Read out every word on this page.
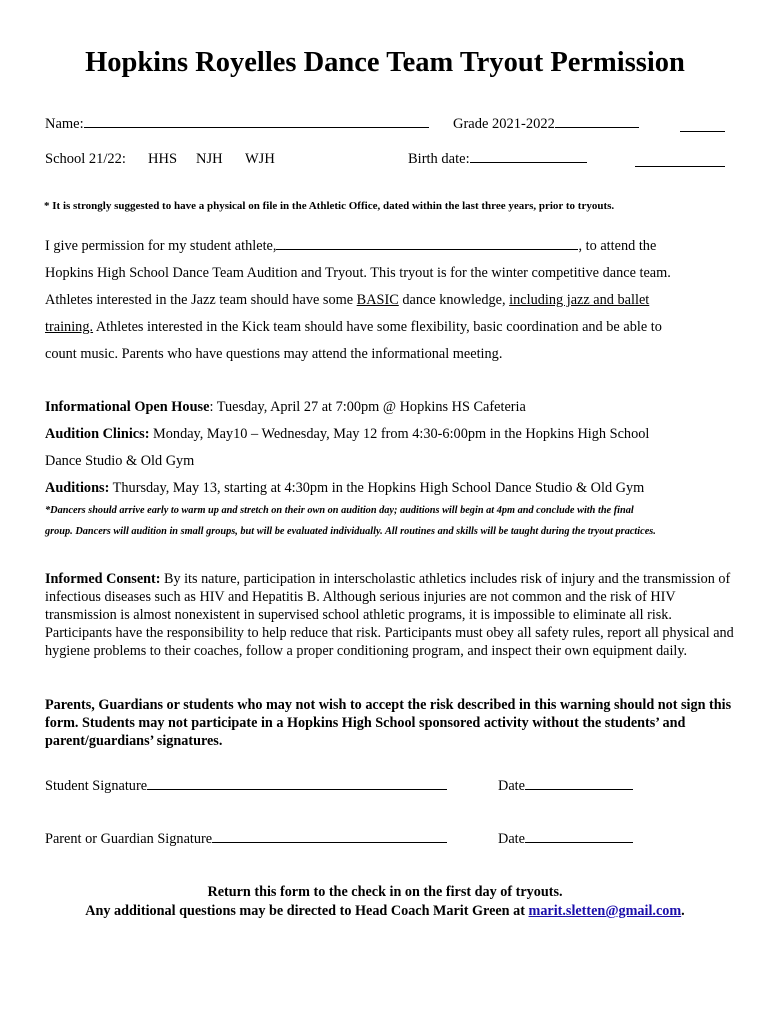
Hopkins Royelles Dance Team Tryout Permission
Name:	Grade 2021-2022
School 21/22: HHS NJH WJH	Birth date:
* It is strongly suggested to have a physical on file in the Athletic Office, dated within the last three years, prior to tryouts.
I give permission for my student athlete,	, to attend the
Hopkins High School Dance Team Audition and Tryout. This tryout is for the winter competitive dance team.
Athletes interested in the Jazz team should have some BASIC dance knowledge, including jazz and ballet
training. Athletes interested in the Kick team should have some flexibility, basic coordination and be able to
count music. Parents who have questions may attend the informational meeting.
Informational Open House: Tuesday, April 27 at 7:00pm @ Hopkins HS Cafeteria
Audition Clinics: Monday, May10 – Wednesday, May 12 from 4:30-6:00pm in the Hopkins High School
Dance Studio & Old Gym
Auditions: Thursday, May 13, starting at 4:30pm in the Hopkins High School Dance Studio & Old Gym
*Dancers should arrive early to warm up and stretch on their own on audition day; auditions will begin at 4pm and conclude with the final
group. Dancers will audition in small groups, but will be evaluated individually. All routines and skills will be taught during the tryout practices.
Informed Consent: By its nature, participation in interscholastic athletics includes risk of injury and the transmission of infectious diseases such as HIV and Hepatitis B. Although serious injuries are not common and the risk of HIV transmission is almost nonexistent in supervised school athletic programs, it is impossible to eliminate all risk. Participants have the responsibility to help reduce that risk. Participants must obey all safety rules, report all physical and hygiene problems to their coaches, follow a proper conditioning program, and inspect their own equipment daily.
Parents, Guardians or students who may not wish to accept the risk described in this warning should not sign this form. Students may not participate in a Hopkins High School sponsored activity without the students’ and parent/guardians’ signatures.
Student Signature	Date
Parent or Guardian Signature	Date
Return this form to the check in on the first day of tryouts.
Any additional questions may be directed to Head Coach Marit Green at marit.sletten@gmail.com.
